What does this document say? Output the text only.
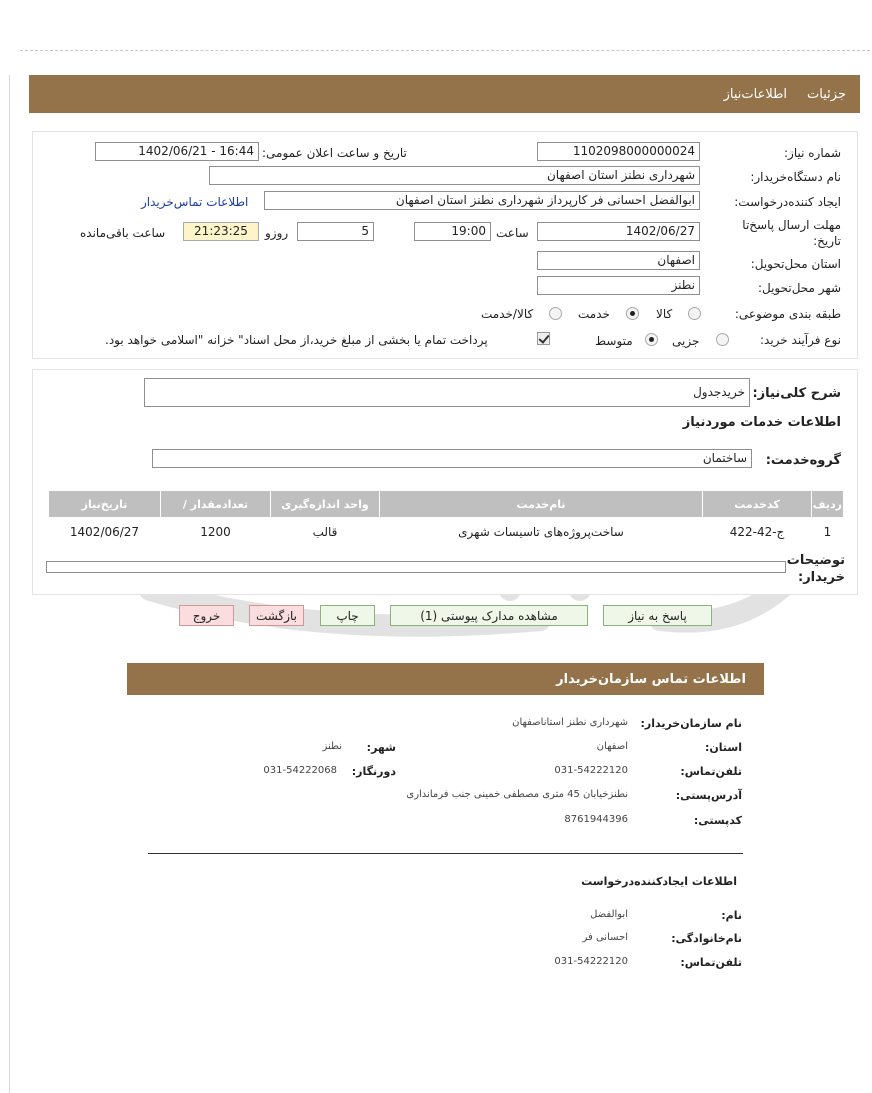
اطلاعات‌نیاز جزئیات
شماره نیاز:
1102098000000024
تاریخ و ساعت اعلان عمومی:
1402/06/21 - 16:44
نام دستگاه‌خریدار:
شهرداری نطنز استان اصفهان
ایجاد کننده‌درخواست:
ابوالفضل احسانی فر کارپرداز شهرداری نطنز استان اصفهان
اطلاعات تماس‌خریدار
مهلت ارسال پاسخ‌تا تاریخ:
1402/06/27
ساعت
19:00
5
روزو
21:23:25
ساعت باقی‌مانده
استان محل‌تحویل:
اصفهان
شهر محل‌تحویل:
نطنز
طبقه بندی موضوعی:
کالا
خدمت
کالا/خدمت
نوع فرآیند خرید:
جزیی
متوسط
پرداخت تمام یا بخشی از مبلغ خرید،از محل اسناد" خزانه "اسلامی خواهد بود.
شرح کلی‌نیاز:
خریدجدول
اطلاعات خدمات موردنیاز
گروه‌خدمت:
ساختمان
ردیف	کدخدمت	نام‌خدمت	واحد اندازه‌گیری	تعدادمقدار /	تاریخ‌نیاز
1	ج-42-422	ساخت‌پروژه‌های تاسیسات شهری	قالب	1200	1402/06/27
توضیحات خریدار:
پاسخ به نیاز
مشاهده مدارک پیوستی (1)
چاپ
بازگشت
خروج
اطلاعات تماس سازمان‌خریدار
نام سازمان‌خریدار:
شهرداری نطنز استاناصفهان
استان:
اصفهان
شهر:
نطنز
تلفن‌تماس:
031-54222120
دورنگار:
031-54222068
آدرس‌پستی:
نطنزخیابان 45 متری مصطفی خمینی جنب فرمانداری
کدپستی:
8761944396
اطلاعات ایجادکننده‌درخواست
نام:
ابوالفضل
نام‌خانوادگی:
احسانی فر
تلفن‌تماس:
031-54222120
